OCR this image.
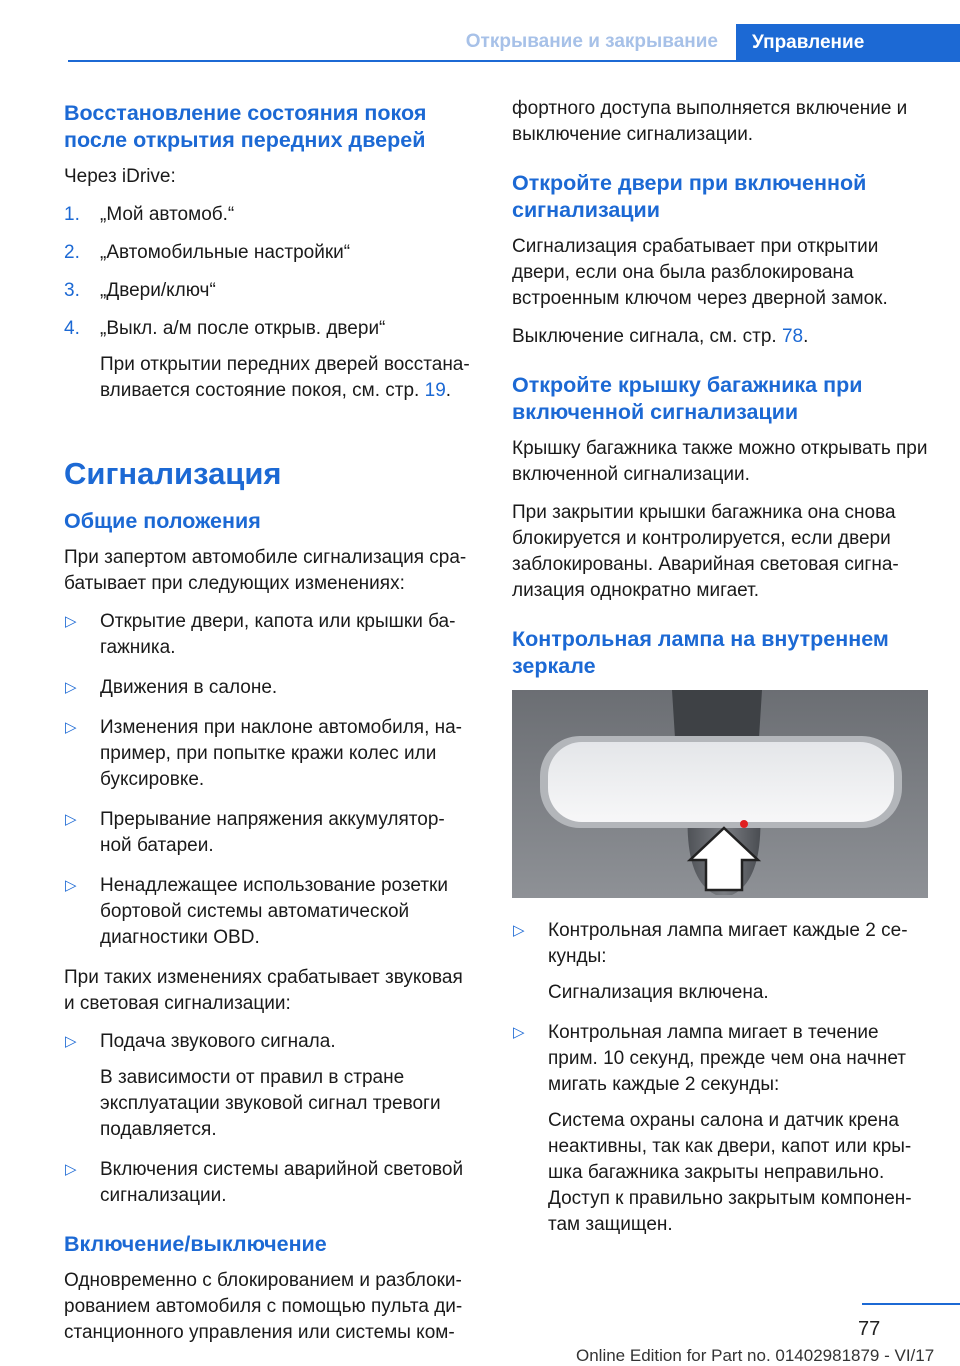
Открывание и закрывание	Управление
Восстановление состояния покоя после открытия передних дверей
Через iDrive:
1. „Мой автомоб.“
2. „Автомобильные настройки“
3. „Двери/ключ“
4. „Выкл. а/м после открыв. двери“
При открытии передних дверей восстана‐вливается состояние покоя, см. стр. 19.
Сигнализация
Общие положения
При запертом автомобиле сигнализация сра‐батывает при следующих изменениях:
▷ Открытие двери, капота или крышки ба‐гажника.
▷ Движения в салоне.
▷ Изменения при наклоне автомобиля, на‐пример, при попытке кражи колес или буксировке.
▷ Прерывание напряжения аккумулятор‐ной батареи.
▷ Ненадлежащее использование розетки бортовой системы автоматической диагностики OBD.
При таких изменениях срабатывает звуковая и световая сигнализации:
▷ Подача звукового сигнала.
В зависимости от правил в стране эксплуатации звуковой сигнал тревоги подавляется.
▷ Включения системы аварийной световой сигнализации.
Включение/выключение
Одновременно с блокированием и разблоки‐рованием автомобиля с помощью пульта ди‐станционного управления или системы ком‐
фортного доступа выполняется включение и выключение сигнализации.
Откройте двери при включенной сигнализации
Сигнализация срабатывает при открытии двери, если она была разблокирована встроенным ключом через дверной замок.
Выключение сигнала, см. стр. 78.
Откройте крышку багажника при включенной сигнализации
Крышку багажника также можно открывать при включенной сигнализации.
При закрытии крышки багажника она снова блокируется и контролируется, если двери заблокированы. Аварийная световая сигна‐лизация однократно мигает.
Контрольная лампа на внутреннем зеркале
▷ Контрольная лампа мигает каждые 2 се‐кунды:
Сигнализация включена.
▷ Контрольная лампа мигает в течение прим. 10 секунд, прежде чем она начнет мигать каждые 2 секунды:
Система охраны салона и датчик крена неактивны, так как двери, капот или кры‐шка багажника закрыты неправильно. Доступ к правильно закрытым компонен‐там защищен.
77
Online Edition for Part no. 01402981879 - VI/17
